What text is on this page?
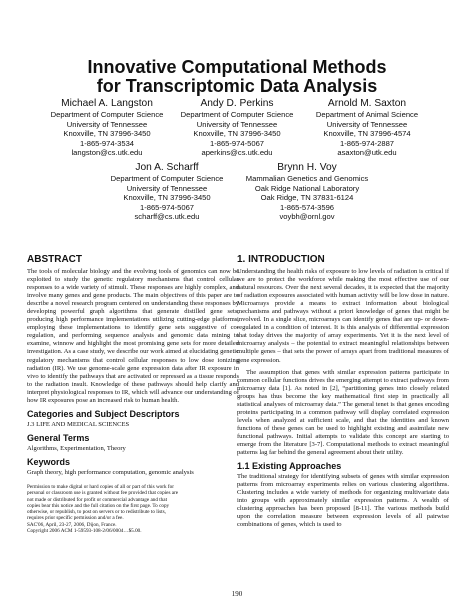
Innovative Computational Methods
for Transcriptomic Data Analysis
Michael A. Langston
Department of Computer Science
University of Tennessee
Knoxville, TN 37996-3450
1-865-974-3534
langston@cs.utk.edu
Andy D. Perkins
Department of Computer Science
University of Tennessee
Knoxville, TN 37996-3450
1-865-974-5067
aperkins@cs.utk.edu
Arnold M. Saxton
Department of Animal Science
University of Tennessee
Knoxville, TN 37996-4574
1-865-974-2887
asaxton@utk.edu
Jon A. Scharff
Department of Computer Science
University of Tennessee
Knoxville, TN 37996-3450
1-865-974-5067
scharff@cs.utk.edu
Brynn H. Voy
Mammalian Genetics and Genomics
Oak Ridge National Laboratory
Oak Ridge, TN 37831-6124
1-865-574-3596
voybh@ornl.gov
ABSTRACT

The tools of molecular biology and the evolving tools of genomics can now be exploited to study the genetic regulatory mechanisms that control cellular responses to a wide variety of stimuli. These responses are highly complex, and involve many genes and gene products. The main objectives of this paper are to describe a novel research program centered on understanding these responses by developing powerful graph algorithms that generate distilled gene sets, producing high performance implementations utilizing cutting-edge platforms, employing these implementations to identify gene sets suggestive of co-regulation, and performing sequence analysis and genomic data mining to examine, winnow and highlight the most promising gene sets for more detailed investigation. As a case study, we describe our work aimed at elucidating genetic regulatory mechanisms that control cellular responses to low dose ionizing radiation (IR). We use genome-scale gene expression data after IR exposure in vivo to identify the pathways that are activated or repressed as a tissue responds to the radiation insult. Knowledge of these pathways should help clarify and interpret physiological responses to IR, which will advance our understanding of how IR exposures pose an increased risk to human health.

Categories and Subject Descriptors

J.3 LIFE AND MEDICAL SCIENCES

General Terms

Algorithms, Experimentation, Theory

Keywords

Graph theory, high performance computation, genomic analysis

Permission to make digital or hard copies of all or part of this work for
personal or classroom use is granted without fee provided that copies are
not made or distributed for profit or commercial advantage and that
copies bear this notice and the full citation on the first page. To copy
otherwise, or republish, to post on servers or to redistribute to lists,
requires prior specific permission and/or a fee.
SAC'06, April, 23-27, 2006, Dijon, France.
Copyright 2006 ACM 1-59593-108-2/06/0004…$5.00.
1. INTRODUCTION

Understanding the health risks of exposure to low levels of radiation is critical if we are to protect the workforce while making the most effective use of our natural resources. Over the next several decades, it is expected that the majority of radiation exposures associated with human activity will be low dose in nature. Microarrays provide a means to extract information about biological mechanisms and pathways without a priori knowledge of genes that might be involved. In a single slice, microarrays can identify genes that are up- or down-regulated in a condition of interest. It is this analysis of differential expression that today drives the majority of array experiments. Yet it is the next level of microarray analysis – the potential to extract meaningful relationships between multiple genes – that sets the power of arrays apart from traditional measures of gene expression.

The assumption that genes with similar expression patterns participate in common cellular functions drives the emerging attempt to extract pathways from microarray data [1]. As noted in [2], “partitioning genes into closely related groups has thus become the key mathematical first step in practically all statistical analyses of microarray data.” The general tenet is that genes encoding proteins participating in a common pathway will display correlated expression levels when analyzed at sufficient scale, and that the identities and known functions of these genes can be used to highlight existing and assimilate new functional pathways. Initial attempts to validate this concept are starting to emerge from the literature [3-7]. Computational methods to extract meaningful patterns lag far behind the general agreement about their utility.

1.1 Existing Approaches

The traditional strategy for identifying subsets of genes with similar expression patterns from microarray experiments relies on various clustering algorithms. Clustering includes a wide variety of methods for organizing multivariate data into groups with approximately similar expression patterns. A wealth of clustering approaches has been proposed [8-11]. The various methods build upon the correlation measure between expression levels of all pairwise combinations of genes, which is used to

190
